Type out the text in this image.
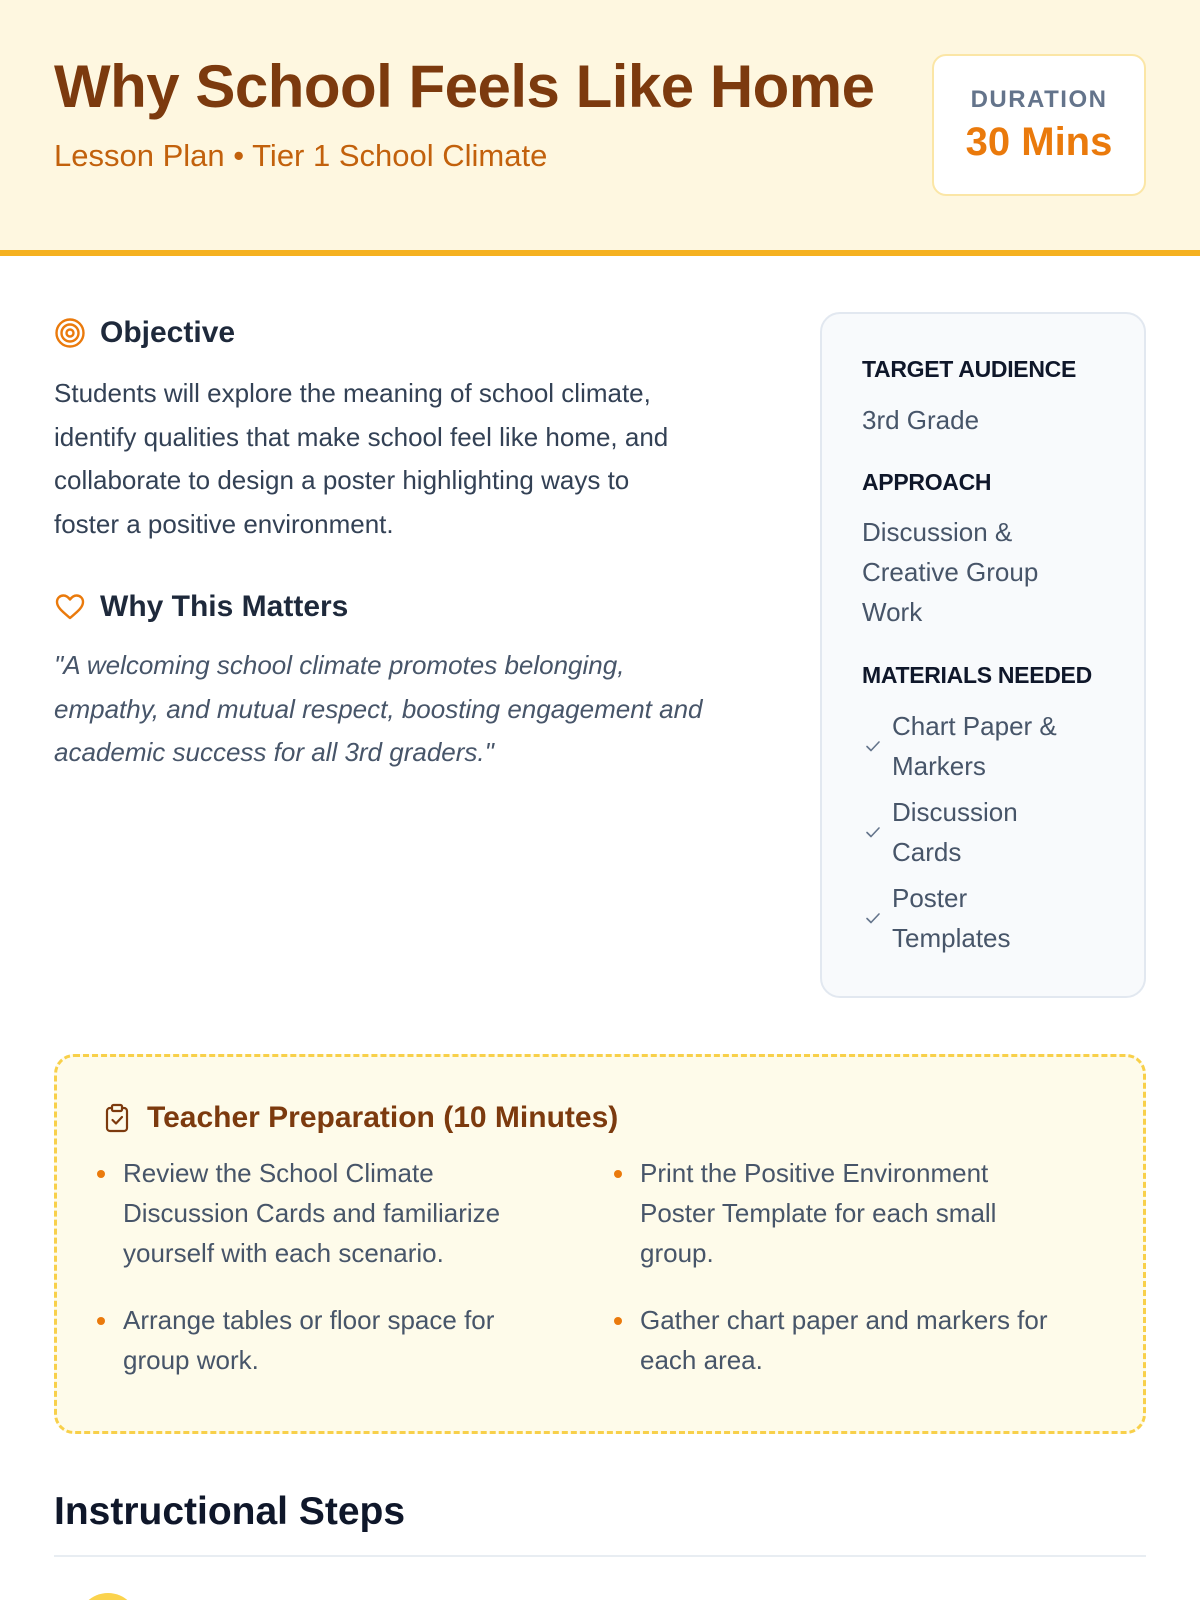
Why School Feels Like Home
Lesson Plan • Tier 1 School Climate
DURATION
30 Mins
Objective
Students will explore the meaning of school climate,
identify qualities that make school feel like home, and
collaborate to design a poster highlighting ways to
foster a positive environment.
Why This Matters
"A welcoming school climate promotes belonging,
empathy, and mutual respect, boosting engagement and
academic success for all 3rd graders."
TARGET AUDIENCE
3rd Grade
APPROACH
Discussion &
Creative Group
Work
MATERIALS NEEDED
Chart Paper &
Markers
Discussion
Cards
Poster
Templates
Teacher Preparation (10 Minutes)
Review the School Climate
Discussion Cards and familiarize
yourself with each scenario.
Print the Positive Environment
Poster Template for each small
group.
Arrange tables or floor space for
group work.
Gather chart paper and markers for
each area.
Instructional Steps
